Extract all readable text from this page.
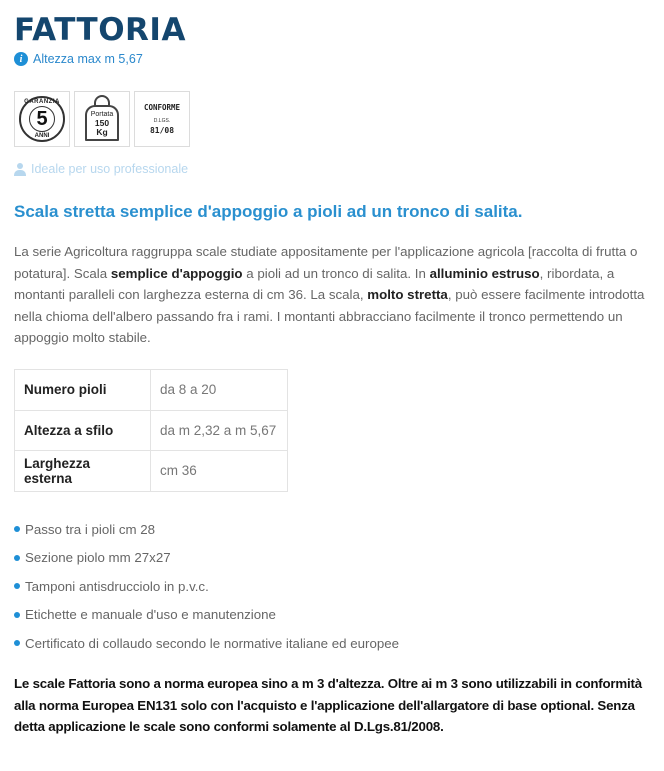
FATTORIA
i Altezza max m 5,67
GARANZIA
5
ANNI
Portata
150
Kg
CONFORME
D.LGS.
81/08
Ideale per uso professionale
Scala stretta semplice d'appoggio a pioli ad un tronco di salita.

La serie Agricoltura raggruppa scale studiate appositamente per l'applicazione agricola [raccolta di frutta o potatura]. Scala semplice d'appoggio a pioli ad un tronco di salita. In alluminio estruso, ribordata, a montanti paralleli con larghezza esterna di cm 36. La scala, molto stretta, può essere facilmente introdotta nella chioma dell'albero passando fra i rami. I montanti abbracciano facilmente il tronco permettendo un appoggio molto stabile.

Numero pioli	da 8 a 20
Altezza a sfilo	da m 2,32 a m 5,67
Larghezza esterna	cm 36
Passo tra i pioli cm 28
Sezione piolo mm 27x27
Tamponi antisdrucciolo in p.v.c.
Etichette e manuale d'uso e manutenzione
Certificato di collaudo secondo le normative italiane ed europee

Le scale Fattoria sono a norma europea sino a m 3 d'altezza. Oltre ai m 3 sono utilizzabili in conformità alla norma Europea EN131 solo con l'acquisto e l'applicazione dell'allargatore di base optional. Senza detta applicazione le scale sono conformi solamente al D.Lgs.81/2008.
